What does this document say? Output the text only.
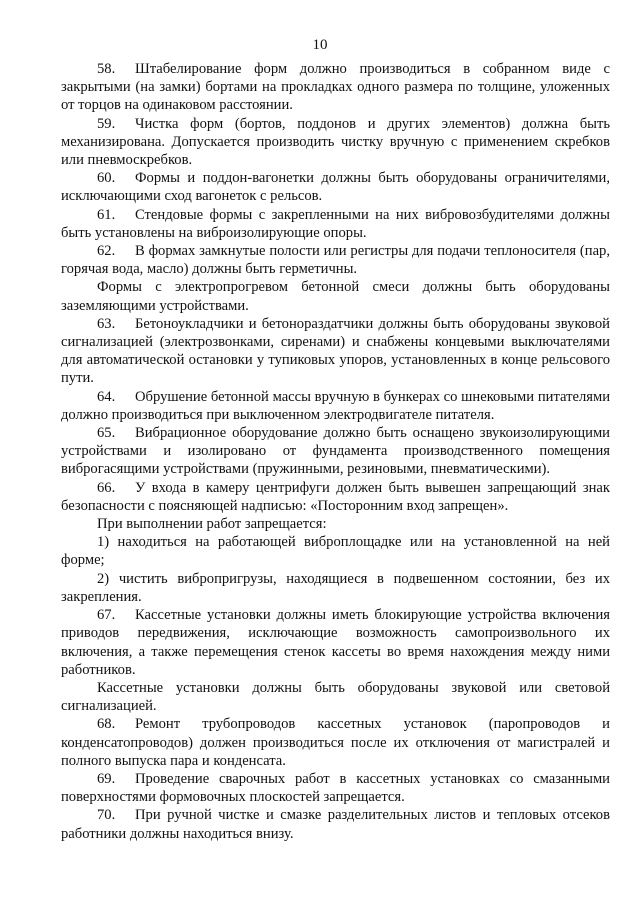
10

58. Штабелирование форм должно производиться в собранном виде с закрытыми (на замки) бортами на прокладках одного размера по толщине, уложенных от торцов на одинаковом расстоянии.

59. Чистка форм (бортов, поддонов и других элементов) должна быть механизирована. Допускается производить чистку вручную с применением скребков или пневмоскребков.

60. Формы и поддон-вагонетки должны быть оборудованы ограничителями, исключающими сход вагонеток с рельсов.

61. Стендовые формы с закрепленными на них вибровозбудителями должны быть установлены на виброизолирующие опоры.

62. В формах замкнутые полости или регистры для подачи теплоносителя (пар, горячая вода, масло) должны быть герметичны.

Формы с электропрогревом бетонной смеси должны быть оборудованы заземляющими устройствами.

63. Бетоноукладчики и бетонораздатчики должны быть оборудованы звуковой сигнализацией (электрозвонками, сиренами) и снабжены концевыми выключателями для автоматической остановки у тупиковых упоров, установленных в конце рельсового пути.

64. Обрушение бетонной массы вручную в бункерах со шнековыми питателями должно производиться при выключенном электродвигателе питателя.

65. Вибрационное оборудование должно быть оснащено звукоизолирующими устройствами и изолировано от фундамента производственного помещения виброгасящими устройствами (пружинными, резиновыми, пневматическими).

66. У входа в камеру центрифуги должен быть вывешен запрещающий знак безопасности с поясняющей надписью: «Посторонним вход запрещен».

При выполнении работ запрещается:

1) находиться на работающей виброплощадке или на установленной на ней форме;

2) чистить вибропригрузы, находящиеся в подвешенном состоянии, без их закрепления.

67. Кассетные установки должны иметь блокирующие устройства включения приводов передвижения, исключающие возможность самопроизвольного их включения, а также перемещения стенок кассеты во время нахождения между ними работников.

Кассетные установки должны быть оборудованы звуковой или световой сигнализацией.

68. Ремонт трубопроводов кассетных установок (паропроводов и конденсатопроводов) должен производиться после их отключения от магистралей и полного выпуска пара и конденсата.

69. Проведение сварочных работ в кассетных установках со смазанными поверхностями формовочных плоскостей запрещается.

70. При ручной чистке и смазке разделительных листов и тепловых отсеков работники должны находиться внизу.
